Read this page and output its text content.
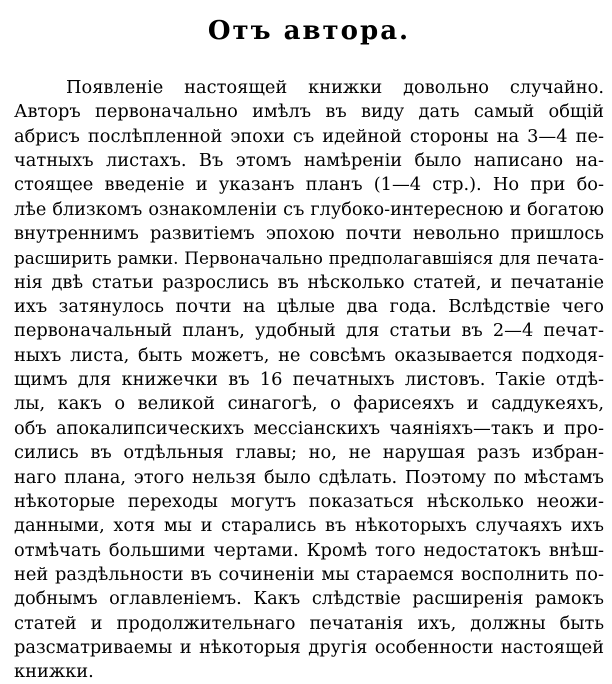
Отъ автора.
Появленіе настоящей книжки довольно случайно.
Авторъ первоначально имѣлъ въ виду дать самый общій
абрисъ послѣпленной эпохи съ идейной стороны на 3—4 пе-
чатныхъ листахъ. Въ этомъ намѣреніи было написано на-
стоящее введеніе и указанъ планъ (1—4 стр.). Но при бо-
лѣе близкомъ ознакомленіи съ глубоко-интересною и богатою
внутреннимъ развитіемъ эпохою почти невольно пришлось
расширить рамки. Первоначально предполагавшіяся для печата-
нія двѣ статьи разрослись въ нѣсколько статей, и печатаніе
ихъ затянулось почти на цѣлые два года. Вслѣдствіе чего
первоначальный планъ, удобный для статьи въ 2—4 печат-
ныхъ листа, быть можетъ, не совсѣмъ оказывается подходя-
щимъ для книжечки въ 16 печатныхъ листовъ. Такіе отдѣ-
лы, какъ о великой синагогѣ, о фарисеяхъ и саддукеяхъ,
объ апокалипсическихъ мессіанскихъ чаяніяхъ—такъ и про-
сились въ отдѣльныя главы; но, не нарушая разъ избран-
наго плана, этого нельзя было сдѣлать. Поэтому по мѣстамъ
нѣкоторые переходы могутъ показаться нѣсколько неожи-
данными, хотя мы и старались въ нѣкоторыхъ случаяхъ ихъ
отмѣчать большими чертами. Кромѣ того недостатокъ внѣш-
ней раздѣльности въ сочиненіи мы стараемся восполнить по-
добнымъ оглавленіемъ. Какъ слѣдствіе расширенія рамокъ
статей и продолжительнаго печатанія ихъ, должны быть
разсматриваемы и нѣкоторыя другія особенности настоящей
книжки.
